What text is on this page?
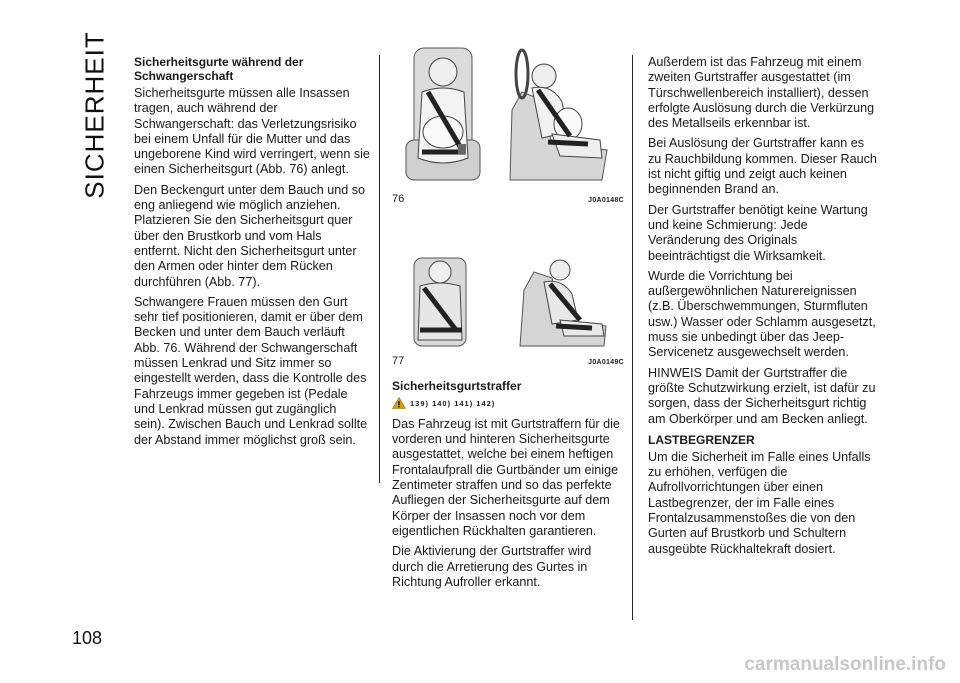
SICHERHEIT
108

Sicherheitsgurte während der Schwangerschaft

Sicherheitsgurte müssen alle Insassen tragen, auch während der Schwangerschaft: das Verletzungsrisiko bei einem Unfall für die Mutter und das ungeborene Kind wird verringert, wenn sie einen Sicherheitsgurt (Abb. 76) anlegt.

Den Beckengurt unter dem Bauch und so eng anliegend wie möglich anziehen. Platzieren Sie den Sicherheitsgurt quer über den Brustkorb und vom Hals entfernt. Nicht den Sicherheitsgurt unter den Armen oder hinter dem Rücken durchführen (Abb. 77).

Schwangere Frauen müssen den Gurt sehr tief positionieren, damit er über dem Becken und unter dem Bauch verläuft Abb. 76. Während der Schwangerschaft müssen Lenkrad und Sitz immer so eingestellt werden, dass die Kontrolle des Fahrzeugs immer gegeben ist (Pedale und Lenkrad müssen gut zugänglich sein). Zwischen Bauch und Lenkrad sollte der Abstand immer möglichst groß sein.

76	J0A0148C
77	J0A0149C

Sicherheitsgurtstraffer

139) 140) 141) 142)

Das Fahrzeug ist mit Gurtstraffern für die vorderen und hinteren Sicherheitsgurte ausgestattet, welche bei einem heftigen Frontalaufprall die Gurtbänder um einige Zentimeter straffen und so das perfekte Aufliegen der Sicherheitsgurte auf dem Körper der Insassen noch vor dem eigentlichen Rückhalten garantieren.

Die Aktivierung der Gurtstraffer wird durch die Arretierung des Gurtes in Richtung Aufroller erkannt.

Außerdem ist das Fahrzeug mit einem zweiten Gurtstraffer ausgestattet (im Türschwellenbereich installiert), dessen erfolgte Auslösung durch die Verkürzung des Metallseils erkennbar ist.

Bei Auslösung der Gurtstraffer kann es zu Rauchbildung kommen. Dieser Rauch ist nicht giftig und zeigt auch keinen beginnenden Brand an.

Der Gurtstraffer benötigt keine Wartung und keine Schmierung: Jede Veränderung des Originals beeinträchtigst die Wirksamkeit.

Wurde die Vorrichtung bei außergewöhnlichen Naturereignissen (z.B. Überschwemmungen, Sturmfluten usw.) Wasser oder Schlamm ausgesetzt, muss sie unbedingt über das Jeep-Servicenetz ausgewechselt werden.

HINWEIS Damit der Gurtstraffer die größte Schutzwirkung erzielt, ist dafür zu sorgen, dass der Sicherheitsgurt richtig am Oberkörper und am Becken anliegt.

LASTBEGRENZER

Um die Sicherheit im Falle eines Unfalls zu erhöhen, verfügen die Aufrollvorrichtungen über einen Lastbegrenzer, der im Falle eines Frontalzusammenstoßes die von den Gurten auf Brustkorb und Schultern ausgeübte Rückhaltekraft dosiert.

carmanualsonline.info
